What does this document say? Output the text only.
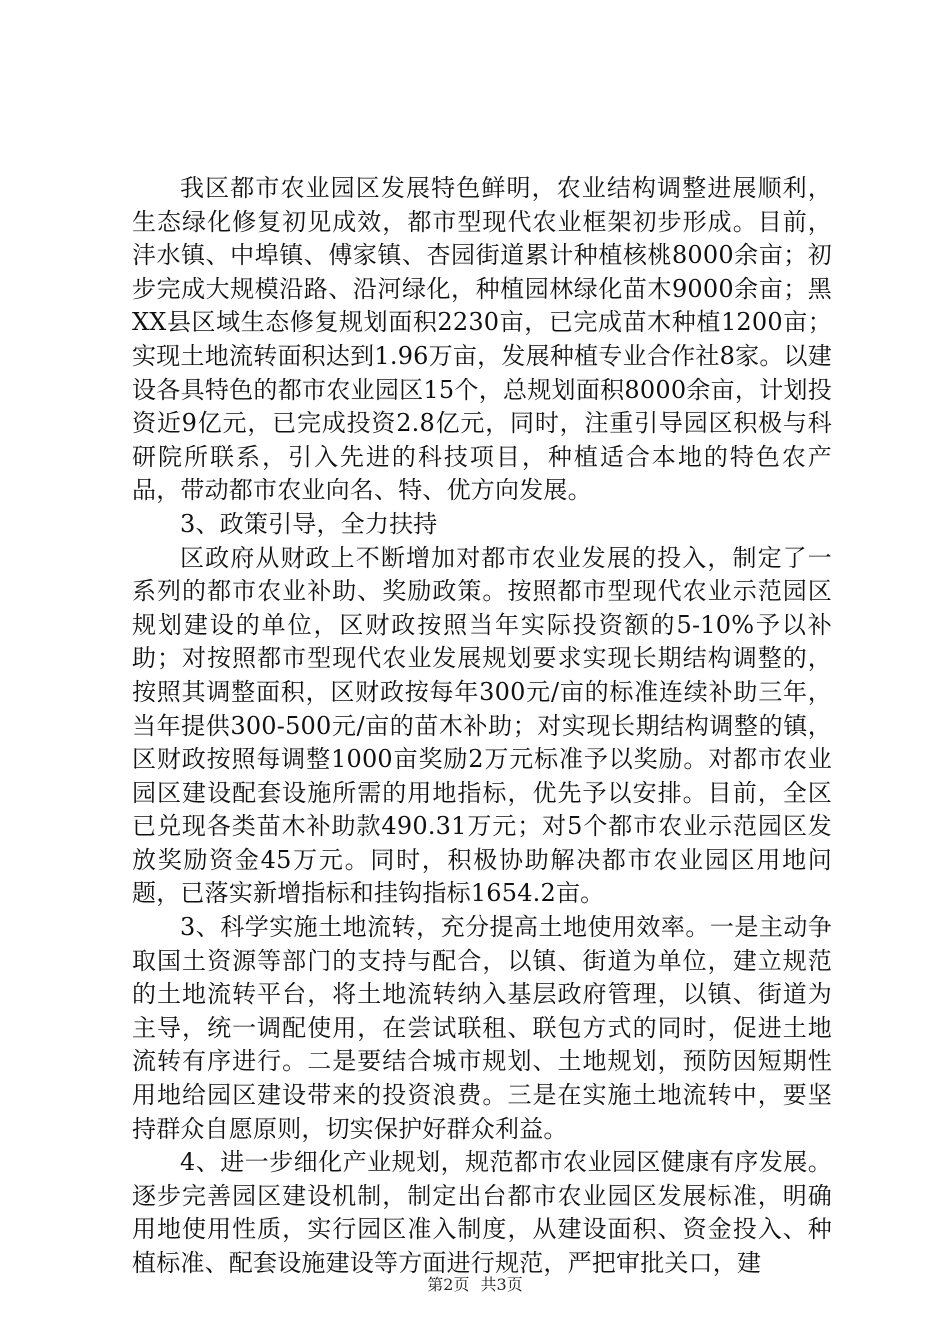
我区都市农业园区发展特色鲜明，农业结构调整进展顺利，生态绿化修复初见成效，都市型现代农业框架初步形成。目前，沣水镇、中埠镇、傅家镇、杏园街道累计种植核桃8000余亩；初步完成大规模沿路、沿河绿化，种植园林绿化苗木9000余亩；黑XX县区域生态修复规划面积2230亩，已完成苗木种植1200亩；实现土地流转面积达到1.96万亩，发展种植专业合作社8家。以建设各具特色的都市农业园区15个，总规划面积8000余亩，计划投资近9亿元，已完成投资2.8亿元，同时，注重引导园区积极与科研院所联系，引入先进的科技项目，种植适合本地的特色农产品，带动都市农业向名、特、优方向发展。

3、政策引导，全力扶持

区政府从财政上不断增加对都市农业发展的投入，制定了一系列的都市农业补助、奖励政策。按照都市型现代农业示范园区规划建设的单位，区财政按照当年实际投资额的5-10%予以补助；对按照都市型现代农业发展规划要求实现长期结构调整的，按照其调整面积，区财政按每年300元/亩的标准连续补助三年，当年提供300-500元/亩的苗木补助；对实现长期结构调整的镇，区财政按照每调整1000亩奖励2万元标准予以奖励。对都市农业园区建设配套设施所需的用地指标，优先予以安排。目前，全区已兑现各类苗木补助款490.31万元；对5个都市农业示范园区发放奖励资金45万元。同时，积极协助解决都市农业园区用地问题，已落实新增指标和挂钩指标1654.2亩。

3、科学实施土地流转，充分提高土地使用效率。一是主动争取国土资源等部门的支持与配合，以镇、街道为单位，建立规范的土地流转平台，将土地流转纳入基层政府管理，以镇、街道为主导，统一调配使用，在尝试联租、联包方式的同时，促进土地流转有序进行。二是要结合城市规划、土地规划，预防因短期性用地给园区建设带来的投资浪费。三是在实施土地流转中，要坚持群众自愿原则，切实保护好群众利益。

4、进一步细化产业规划，规范都市农业园区健康有序发展。逐步完善园区建设机制，制定出台都市农业园区发展标准，明确用地使用性质，实行园区准入制度，从建设面积、资金投入、种植标准、配套设施建设等方面进行规范，严把审批关口，建

第2页 共3页
